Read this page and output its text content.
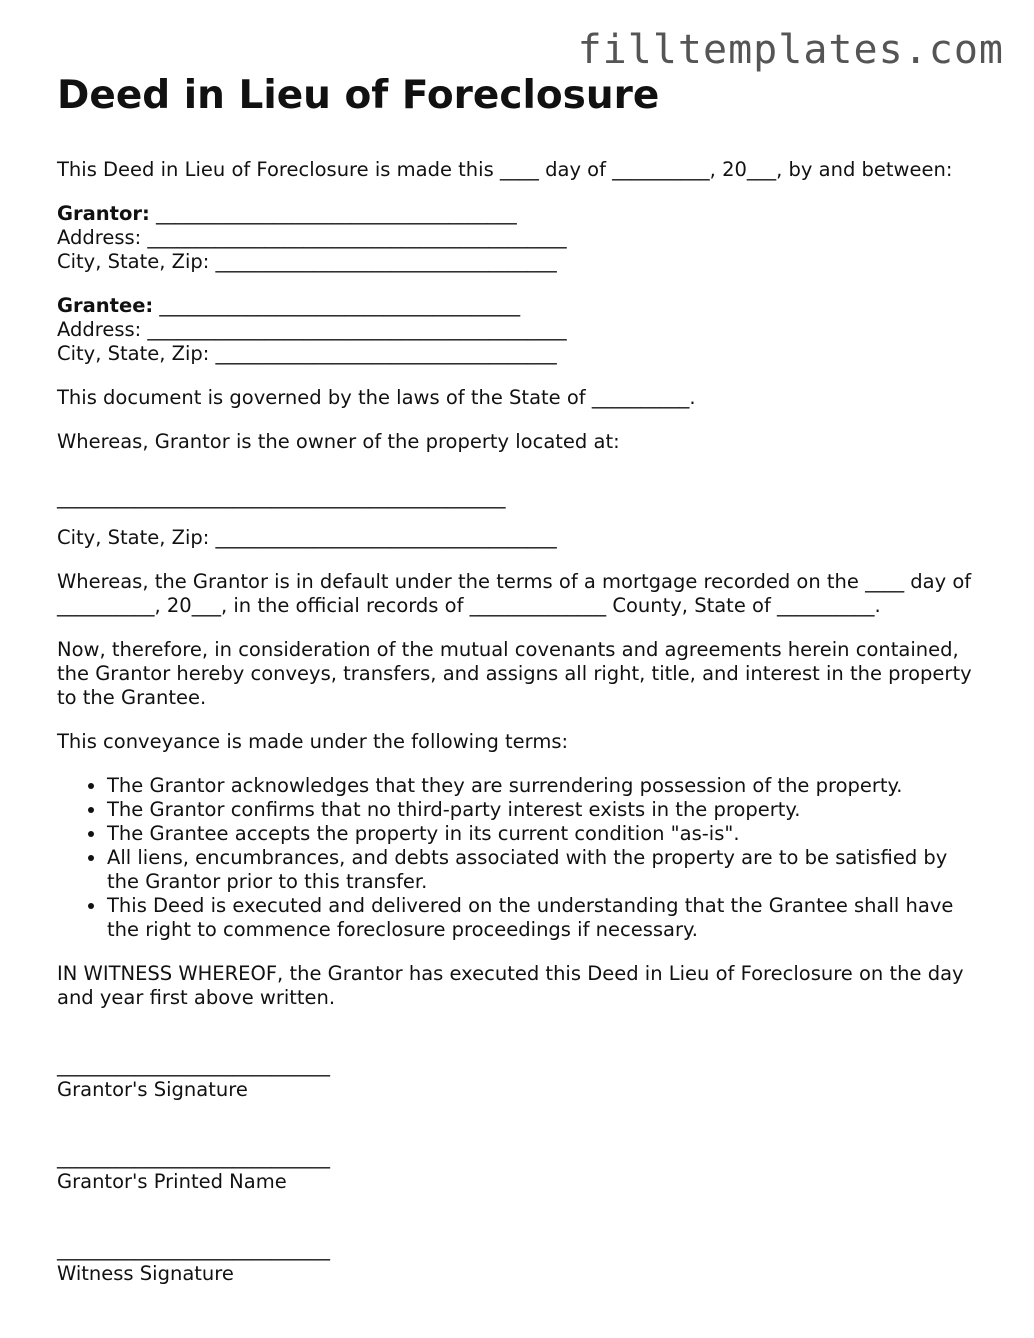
filltemplates.com
Deed in Lieu of Foreclosure

This Deed in Lieu of Foreclosure is made this ____ day of __________, 20___, by and between:

Grantor: _____________________________________
Address: ___________________________________________
City, State, Zip: ___________________________________
Grantee: _____________________________________
Address: ___________________________________________
City, State, Zip: ___________________________________

This document is governed by the laws of the State of __________.

Whereas, Grantor is the owner of the property located at:

______________________________________________

City, State, Zip: ___________________________________

Whereas, the Grantor is in default under the terms of a mortgage recorded on the ____ day of __________, 20___, in the official records of ______________ County, State of __________.

Now, therefore, in consideration of the mutual covenants and agreements herein contained, the Grantor hereby conveys, transfers, and assigns all right, title, and interest in the property to the Grantee.

This conveyance is made under the following terms:

• The Grantor acknowledges that they are surrendering possession of the property.
• The Grantor confirms that no third-party interest exists in the property.
• The Grantee accepts the property in its current condition "as-is".
• All liens, encumbrances, and debts associated with the property are to be satisfied by the Grantor prior to this transfer.
• This Deed is executed and delivered on the understanding that the Grantee shall have the right to commence foreclosure proceedings if necessary.

IN WITNESS WHEREOF, the Grantor has executed this Deed in Lieu of Foreclosure on the day and year first above written.

____________________________
Grantor's Signature
____________________________
Grantor's Printed Name
____________________________
Witness Signature
